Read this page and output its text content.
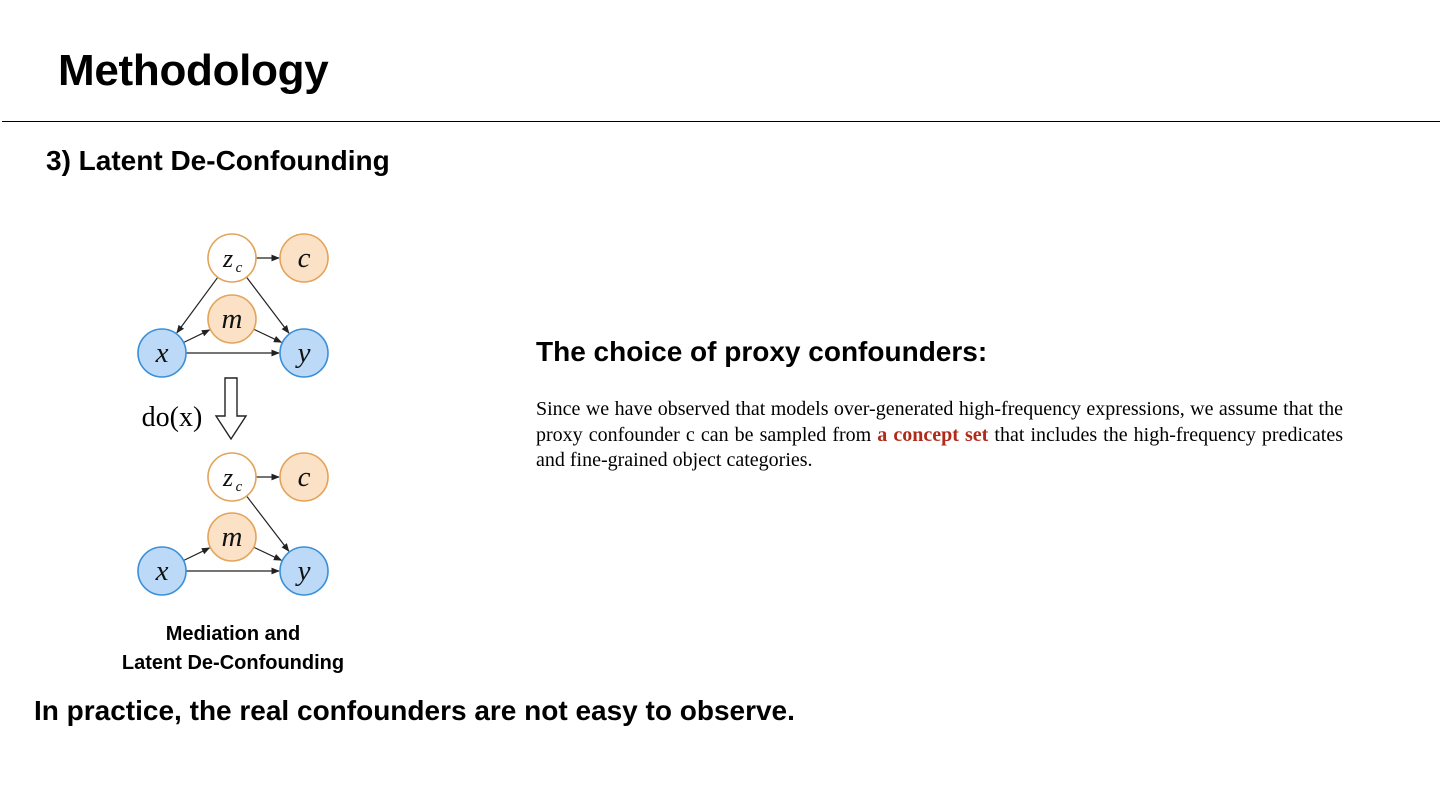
Methodology
3) Latent De-Confounding
z c c
m
x	y
do(x)
z c c
m
x	y
Mediation and
Latent De-Confounding
The choice of proxy confounders:

Since we have observed that models over-generated high-frequency expressions, we assume that the proxy confounder c can be sampled from a concept set that includes the high-frequency predicates and fine-grained object categories.

In practice, the real confounders are not easy to observe.
